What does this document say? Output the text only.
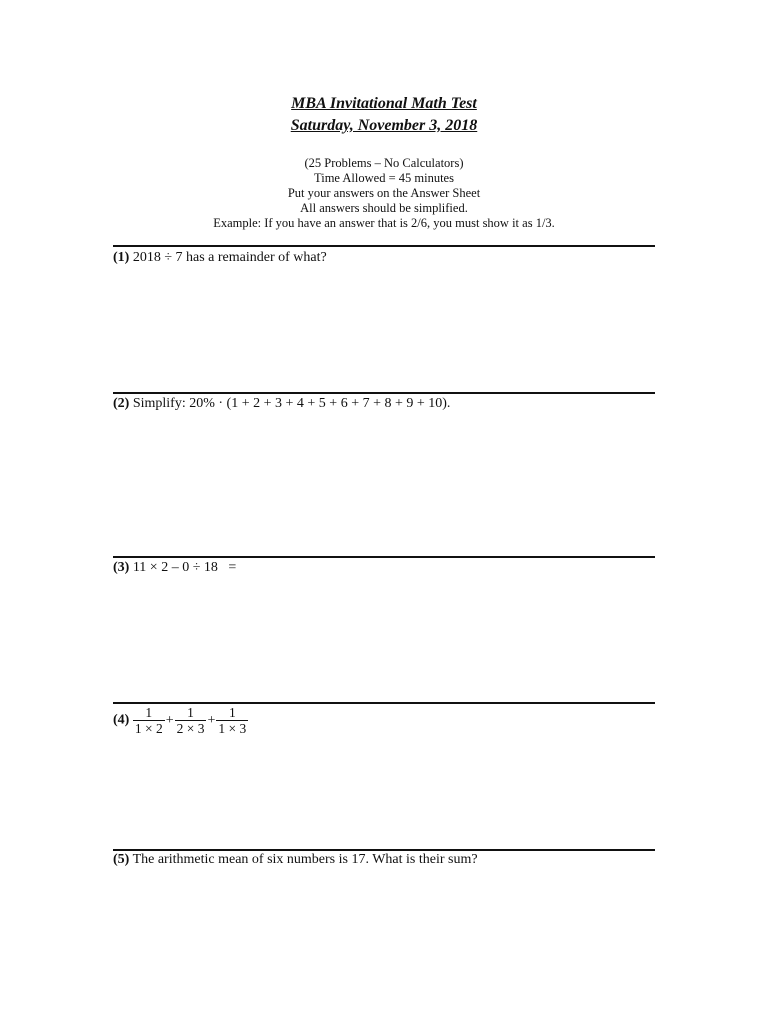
MBA Invitational Math Test
Saturday, November 3, 2018
(25 Problems – No Calculators)
Time Allowed = 45 minutes
Put your answers on the Answer Sheet
All answers should be simplified.
Example: If you have an answer that is 2/6, you must show it as 1/3.
(1) 2018 ÷ 7 has a remainder of what?
(2) Simplify: 20% · (1 + 2 + 3 + 4 + 5 + 6 + 7 + 8 + 9 + 10).
(3) 11 × 2 – 0 ÷ 18   =
$(4) \frac{1}{1 \times 2} + \frac{1}{2 \times 3} + \frac{1}{1 \times 3}$
(5) The arithmetic mean of six numbers is 17. What is their sum?
